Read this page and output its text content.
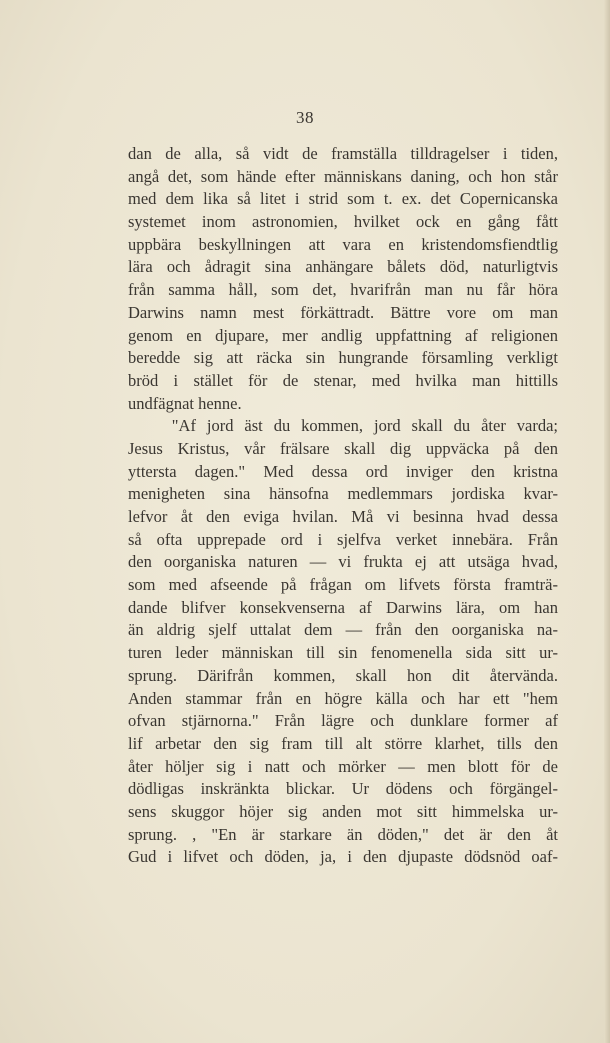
38
dan de alla, så vidt de framställa tilldragelser i tiden,
angå det, som hände efter människans daning, och hon står
med dem lika så litet i strid som t. ex. det Copernicanska
systemet inom astronomien, hvilket ock en gång fått
uppbära beskyllningen att vara en kristendomsfiendtlig
lära och ådragit sina anhängare bålets död, naturligtvis
från samma håll, som det, hvarifrån man nu får höra
Darwins namn mest förkättradt. Bättre vore om man
genom en djupare, mer andlig uppfattning af religionen
beredde sig att räcka sin hungrande församling verkligt
bröd i stället för de stenar, med hvilka man hittills
undfägnat henne.
"Af jord äst du kommen, jord skall du åter varda;
Jesus Kristus, vår frälsare skall dig uppväcka på den
yttersta dagen." Med dessa ord inviger den kristna
menigheten sina hänsofna medlemmars jordiska kvar-
lefvor åt den eviga hvilan. Må vi besinna hvad dessa
så ofta upprepade ord i sjelfva verket innebära. Från
den oorganiska naturen — vi frukta ej att utsäga hvad,
som med afseende på frågan om lifvets första framträ-
dande blifver konsekvenserna af Darwins lära, om han
än aldrig sjelf uttalat dem — från den oorganiska na-
turen leder människan till sin fenomenella sida sitt ur-
sprung. Därifrån kommen, skall hon dit återvända.
Anden stammar från en högre källa och har ett "hem
ofvan stjärnorna." Från lägre och dunklare former af
lif arbetar den sig fram till alt större klarhet, tills den
åter höljer sig i natt och mörker — men blott för de
dödligas inskränkta blickar. Ur dödens och förgängel-
sens skuggor höjer sig anden mot sitt himmelska ur-
sprung. , "En är starkare än döden," det är den åt
Gud i lifvet och döden, ja, i den djupaste dödsnöd oaf-
